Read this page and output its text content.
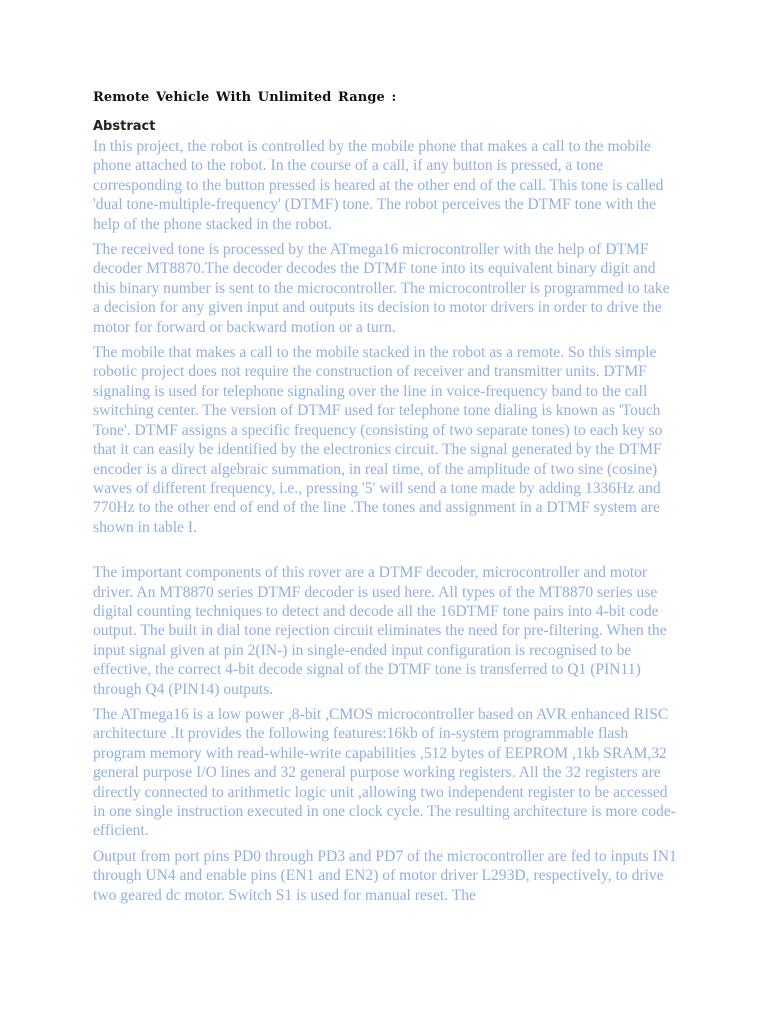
Remote Vehicle With Unlimited Range :
Abstract

In this project, the robot is controlled by the mobile phone that makes a call to the mobile phone attached to the robot. In the course of a call, if any button is pressed, a tone corresponding to the button pressed is heared at the other end of the call. This tone is called 'dual tone-multiple-frequency' (DTMF) tone. The robot perceives the DTMF tone with the help of the phone stacked in the robot.

The received tone is processed by the ATmega16 microcontroller with the help of DTMF decoder MT8870.The decoder decodes the DTMF tone into its equivalent binary digit and this binary number is sent to the microcontroller. The microcontroller is programmed to take a decision for any given input and outputs its decision to motor drivers in order to drive the motor for forward or backward motion or a turn.

The mobile that makes a call to the mobile stacked in the robot as a remote. So this simple robotic project does not require the construction of receiver and transmitter units. DTMF signaling is used for telephone signaling over the line in voice-frequency band to the call switching center. The version of DTMF used for telephone tone dialing is known as 'Touch Tone'. DTMF assigns a specific frequency (consisting of two separate tones) to each key so that it can easily be identified by the electronics circuit. The signal generated by the DTMF encoder is a direct algebraic summation, in real time, of the amplitude of two sine (cosine) waves of different frequency, i.e., pressing '5' will send a tone made by adding 1336Hz and 770Hz to the other end of end of the line .The tones and assignment in a DTMF system are shown in table I.

The important components of this rover are a DTMF decoder, microcontroller and motor driver. An MT8870 series DTMF decoder is used here. All types of the MT8870 series use digital counting techniques to detect and decode all the 16DTMF tone pairs into 4-bit code output. The built in dial tone rejection circuit eliminates the need for pre-filtering. When the input signal given at pin 2(IN-) in single-ended input configuration is recognised to be effective, the correct 4-bit decode signal of the DTMF tone is transferred to Q1 (PIN11) through Q4 (PIN14) outputs.

The ATmega16 is a low power ,8-bit ,CMOS microcontroller based on AVR enhanced RISC architecture .It provides the following features:16kb of in-system programmable flash program memory with read-while-write capabilities ,512 bytes of EEPROM ,1kb SRAM,32 general purpose I/O lines and 32 general purpose working registers. All the 32 registers are directly connected to arithmetic logic unit ,allowing two independent register to be accessed in one single instruction executed in one clock cycle. The resulting architecture is more code-efficient.

Output from port pins PD0 through PD3 and PD7 of the microcontroller are fed to inputs IN1 through UN4 and enable pins (EN1 and EN2) of motor driver L293D, respectively, to drive two geared dc motor. Switch S1 is used for manual reset. The
